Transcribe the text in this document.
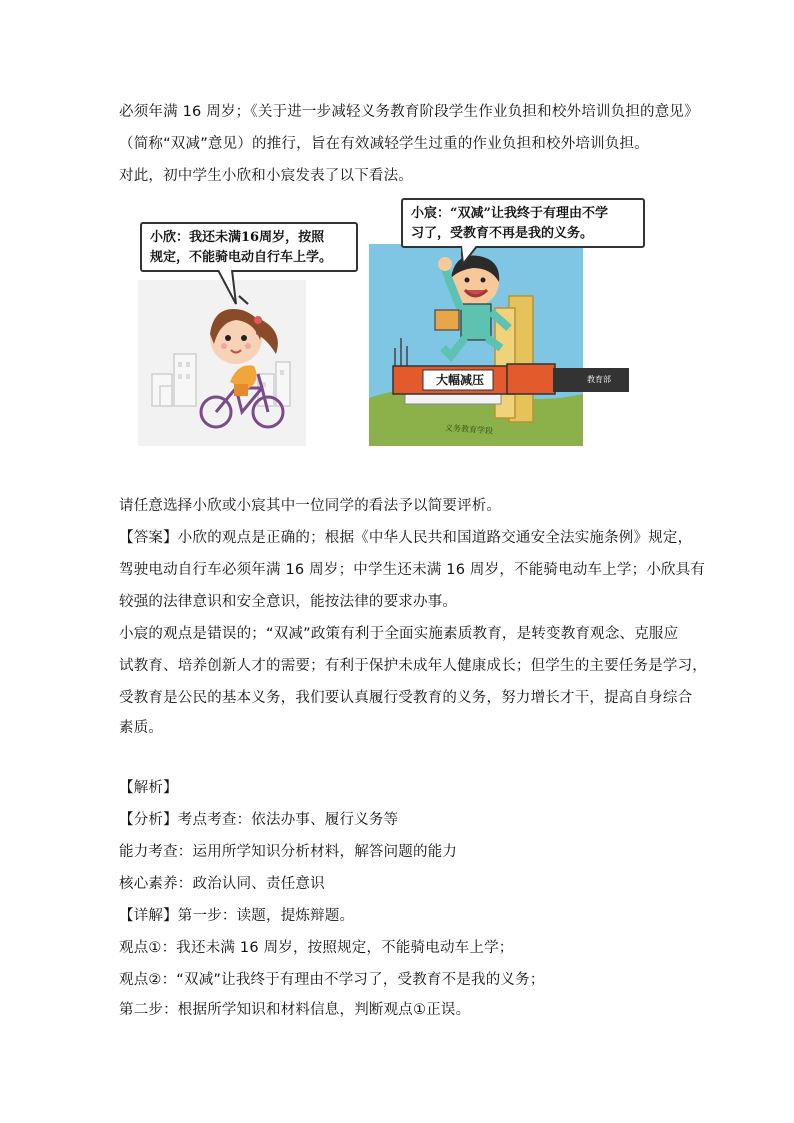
必须年满 16 周岁；《关于进一步减轻义务教育阶段学生作业负担和校外培训负担的意见》
（简称“双减”意见）的推行，旨在有效减轻学生过重的作业负担和校外培训负担。
对此，初中学生小欣和小宸发表了以下看法。
小欣：我还未满16周岁，按照
规定，不能骑电动自行车上学。
大幅减压	教育部
义务教育学段
小宸：“双减”让我终于有理由不学
习了，受教育不再是我的义务。
请任意选择小欣或小宸其中一位同学的看法予以简要评析。
【答案】小欣的观点是正确的；根据《中华人民共和国道路交通安全法实施条例》规定，
驾驶电动自行车必须年满 16 周岁；中学生还未满 16 周岁，不能骑电动车上学；小欣具有
较强的法律意识和安全意识，能按法律的要求办事。
小宸的观点是错误的；“双减”政策有利于全面实施素质教育，是转变教育观念、克服应
试教育、培养创新人才的需要；有利于保护未成年人健康成长；但学生的主要任务是学习，
受教育是公民的基本义务，我们要认真履行受教育的义务，努力增长才干，提高自身综合
素质。
【解析】
【分析】考点考查：依法办事、履行义务等
能力考查：运用所学知识分析材料，解答问题的能力
核心素养：政治认同、责任意识
【详解】第一步：读题，提炼辩题。
观点①：我还未满 16 周岁，按照规定，不能骑电动车上学；
观点②：“双减”让我终于有理由不学习了，受教育不是我的义务；
第二步：根据所学知识和材料信息，判断观点①正误。
